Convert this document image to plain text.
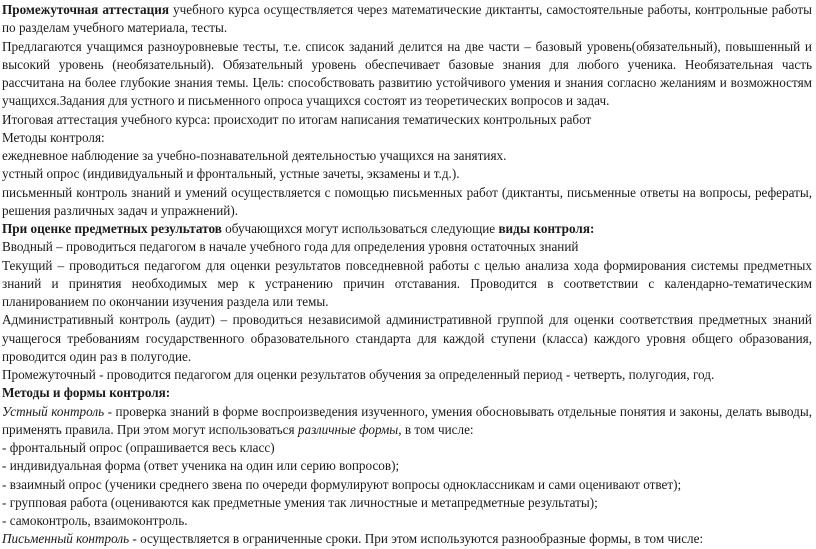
Промежуточная аттестация учебного курса осуществляется через математические диктанты, самостоятельные работы, контрольные работы по разделам учебного материала, тесты.

Предлагаются учащимся разноуровневые тесты, т.е. список заданий делится на две части – базовый уровень(обязательный), повышенный и высокий уровень (необязательный). Обязательный уровень обеспечивает базовые знания для любого ученика. Необязательная часть рассчитана на более глубокие знания темы. Цель: способствовать развитию устойчивого умения и знания согласно желаниям и возможностям учащихся.Задания для устного и письменного опроса учащихся состоят из теоретических вопросов и задач.

Итоговая аттестация учебного курса: происходит по итогам написания тематических контрольных работ

Методы контроля:

ежедневное наблюдение за учебно-познавательной деятельностью учащихся на занятиях.

устный опрос (индивидуальный и фронтальный, устные зачеты, экзамены и т.д.).

письменный контроль знаний и умений осуществляется с помощью письменных работ (диктанты, письменные ответы на вопросы, рефераты, решения различных задач и упражнений).

При оценке предметных результатов обучающихся могут использоваться следующие виды контроля:

Вводный – проводиться педагогом в начале учебного года для определения уровня остаточных знаний

Текущий – проводиться педагогом для оценки результатов повседневной работы с целью анализа хода формирования системы предметных знаний и принятия необходимых мер к устранению причин отставания. Проводится в соответствии с календарно-тематическим планированием по окончании изучения раздела или темы.

Административный контроль (аудит) – проводиться независимой административной группой для оценки соответствия предметных знаний учащегося требованиям государственного образовательного стандарта для каждой ступени (класса) каждого уровня общего образования, проводится один раз в полугодие.

Промежуточный - проводится педагогом для оценки результатов обучения за определенный период - четверть, полугодия, год.

Методы и формы контроля:

Устный контроль - проверка знаний в форме воспроизведения изученного, умения обосновывать отдельные понятия и законы, делать выводы, применять правила. При этом могут использоваться различные формы, в том числе:

- фронтальный опрос (опрашивается весь класс)

- индивидуальная форма (ответ ученика на один или серию вопросов);

- взаимный опрос (ученики среднего звена по очереди формулируют вопросы одноклассникам и сами оценивают ответ);

- групповая работа (оцениваются как предметные умения так личностные и метапредметные результаты);

- самоконтроль, взаимоконтроль.

Письменный контроль - осуществляется в ограниченные сроки. При этом используются разнообразные формы, в том числе:
